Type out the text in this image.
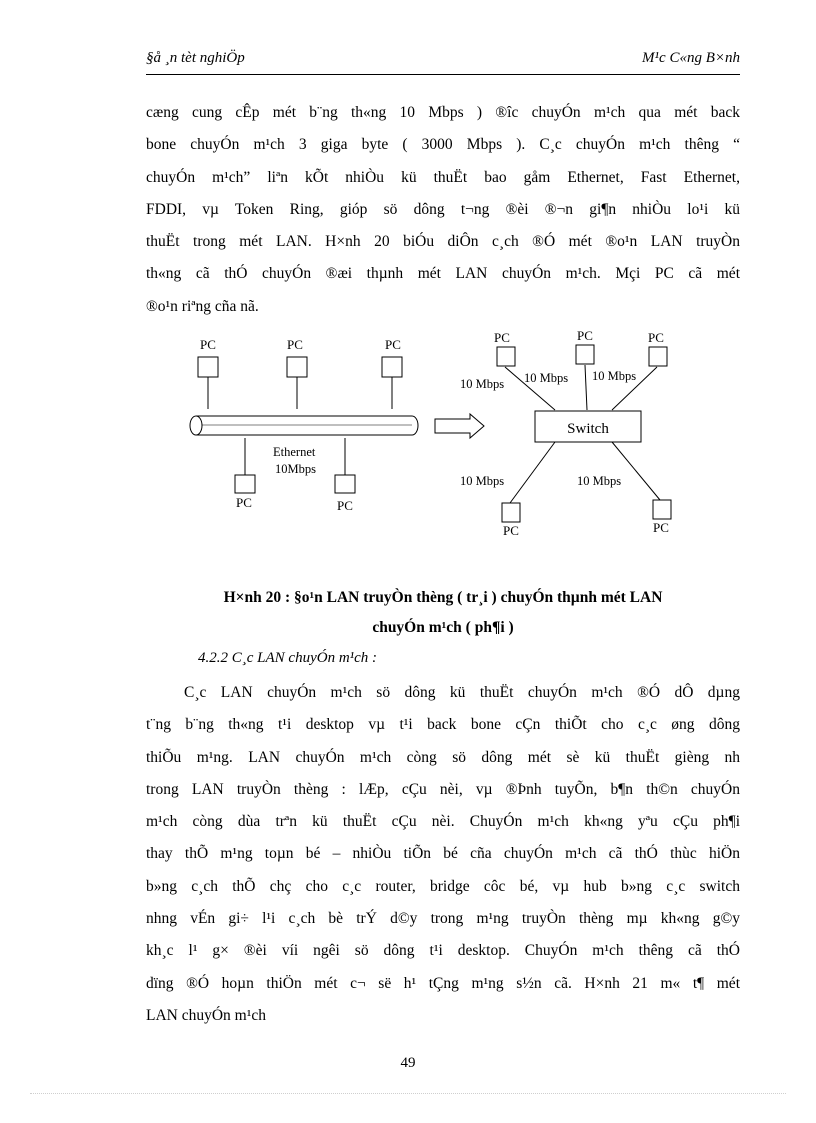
§å ¸n tèt nghiÖp	M¹c C«ng B×nh
cæng cung cÊp mét b¨ng th«ng 10 Mbps ) ®îc chuyÓn m¹ch qua mét back
bone chuyÓn m¹ch 3 giga byte ( 3000 Mbps ). C¸c chuyÓn m¹ch thêng “
chuyÓn m¹ch” liªn kÕt nhiÒu kü thuËt bao gåm Ethernet, Fast Ethernet,
FDDI, vµ Token Ring, gióp sö dông t¬ng ®èi ®¬n gi¶n nhiÒu lo¹i kü
thuËt trong mét LAN. H×nh 20 biÓu diÔn c¸ch ®Ó mét ®o¹n LAN truyÒn
th«ng cã thÓ chuyÓn ®æi thµnh mét LAN chuyÓn m¹ch. Mçi PC cã mét
®o¹n riªng cña nã.
PC	PC	PC
PC	PC
Ethernet
10Mbps
Switch
PC	PC	PC
PC	PC
10 Mbps 10 Mbps 10 Mbps
10 Mbps	10 Mbps
H×nh 20 : §o¹n LAN truyÒn thèng ( tr¸i ) chuyÓn thµnh mét LAN
chuyÓn m¹ch ( ph¶i )
4.2.2 C¸c LAN chuyÓn m¹ch :
C¸c LAN chuyÓn m¹ch sö dông kü thuËt chuyÓn m¹ch ®Ó dÔ dµng
t¨ng b¨ng th«ng t¹i desktop vµ t¹i back bone cÇn thiÕt cho c¸c øng dông
thiÕu m¹ng. LAN chuyÓn m¹ch còng sö dông mét sè kü thuËt gièng nh
trong LAN truyÒn thèng : lÆp, cÇu nèi, vµ ®Þnh tuyÕn, b¶n th©n chuyÓn
m¹ch còng dùa trªn kü thuËt cÇu nèi. ChuyÓn m¹ch kh«ng yªu cÇu ph¶i
thay thÕ m¹ng toµn bé – nhiÒu tiÕn bé cña chuyÓn m¹ch cã thÓ thùc hiÖn
b»ng c¸ch thÕ chç cho c¸c router, bridge côc bé, vµ hub b»ng c¸c switch
nhng vÉn gi÷ l¹i c¸ch bè trÝ d©y trong m¹ng truyÒn thèng mµ kh«ng g©y
kh¸c l¹ g× ®èi víi ngêi sö dông t¹i desktop. ChuyÓn m¹ch thêng cã thÓ
dïng ®Ó hoµn thiÖn mét c¬ së h¹ tÇng m¹ng s½n cã. H×nh 21 m« t¶ mét
LAN chuyÓn m¹ch
49
